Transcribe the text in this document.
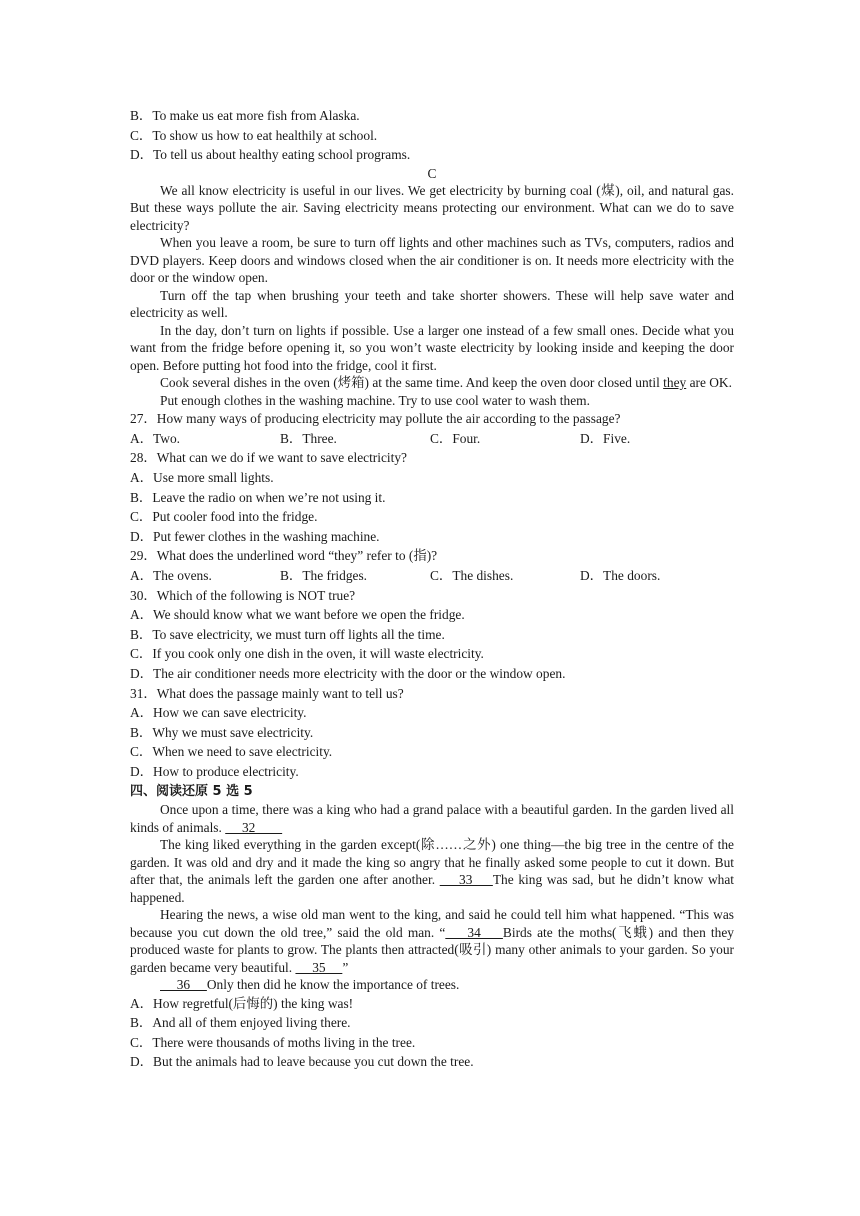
B．To make us eat more fish from Alaska.
C．To show us how to eat healthily at school.
D．To tell us about healthy eating school programs.
C

We all know electricity is useful in our lives. We get electricity by burning coal (煤), oil, and natural gas. But these ways pollute the air. Saving electricity means protecting our environment. What can we do to save electricity?

When you leave a room, be sure to turn off lights and other machines such as TVs, computers, radios and DVD players. Keep doors and windows closed when the air conditioner is on. It needs more electricity with the door or the window open.

Turn off the tap when brushing your teeth and take shorter showers. These will help save water and electricity as well.

In the day, don’t turn on lights if possible. Use a larger one instead of a few small ones. Decide what you want from the fridge before opening it, so you won’t waste electricity by looking inside and keeping the door open. Before putting hot food into the fridge, cool it first.

Cook several dishes in the oven (烤箱) at the same time. And keep the oven door closed until they are OK.

Put enough clothes in the washing machine. Try to use cool water to wash them.

27．How many ways of producing electricity may pollute the air according to the passage?
A．Two.	B．Three.	C．Four.	D．Five.
28．What can we do if we want to save electricity?
A．Use more small lights.
B．Leave the radio on when we’re not using it.
C．Put cooler food into the fridge.
D．Put fewer clothes in the washing machine.
29．What does the underlined word “they” refer to (指)?
A．The ovens.	B．The fridges.	C．The dishes.	D．The doors.
30．Which of the following is NOT true?
A．We should know what we want before we open the fridge.
B．To save electricity, we must turn off lights all the time.
C．If you cook only one dish in the oven, it will waste electricity.
D．The air conditioner needs more electricity with the door or the window open.
31．What does the passage mainly want to tell us?
A．How we can save electricity.
B．Why we must save electricity.
C．When we need to save electricity.
D．How to produce electricity.
四、阅读还原 5 选 5

Once upon a time, there was a king who had a grand palace with a beautiful garden. In the garden lived all kinds of animals. 　 32　　

The king liked everything in the garden except(除……之外) one thing—the big tree in the centre of the garden. It was old and dry and it made the king so angry that he finally asked some people to cut it down. But after that, the animals left the garden one after another. 　 33　 The king was sad, but he didn’t know what happened.

Hearing the news, a wise old man went to the king, and said he could tell him what happened. “This was because you cut down the old tree,” said the old man. “　 34　 Birds ate the moths(飞蛾) and then they produced waste for plants to grow. The plants then attracted(吸引) many other animals to your garden. So your garden became very beautiful. 　 35　 ”

　 36　 Only then did he know the importance of trees.

A．How regretful(后悔的) the king was!
B．And all of them enjoyed living there.
C．There were thousands of moths living in the tree.
D．But the animals had to leave because you cut down the tree.
